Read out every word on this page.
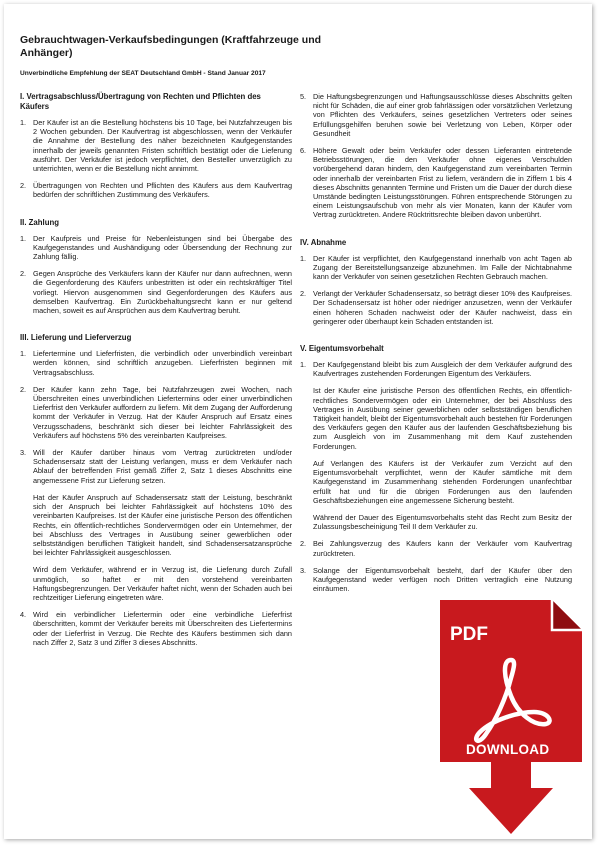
Gebrauchtwagen-Verkaufsbedingungen (Kraftfahrzeuge und Anhänger)
Unverbindliche Empfehlung der SEAT Deutschland GmbH - Stand Januar 2017
I. Vertragsabschluss/Übertragung von Rechten und Pflichten des Käufers
1. Der Käufer ist an die Bestellung höchstens bis 10 Tage, bei Nutzfahrzeugen bis 2 Wochen gebunden. Der Kaufvertrag ist abgeschlossen, wenn der Verkäufer die Annahme der Bestellung des näher bezeichneten Kaufgegenstandes innerhalb der jeweils genannten Fristen schriftlich bestätigt oder die Lieferung ausführt. Der Verkäufer ist jedoch verpflichtet, den Besteller unverzüglich zu unterrichten, wenn er die Bestellung nicht annimmt.
2. Übertragungen von Rechten und Pflichten des Käufers aus dem Kaufvertrag bedürfen der schriftlichen Zustimmung des Verkäufers.
II. Zahlung
1. Der Kaufpreis und Preise für Nebenleistungen sind bei Übergabe des Kaufgegenstandes und Aushändigung oder Übersendung der Rechnung zur Zahlung fällig.
2. Gegen Ansprüche des Verkäufers kann der Käufer nur dann aufrechnen, wenn die Gegenforderung des Käufers unbestritten ist oder ein rechtskräftiger Titel vorliegt. Hiervon ausgenommen sind Gegenforderungen des Käufers aus demselben Kaufvertrag. Ein Zurückbehaltungsrecht kann er nur geltend machen, soweit es auf Ansprüchen aus dem Kaufvertrag beruht.
III. Lieferung und Lieferverzug
1. Liefertermine und Lieferfristen, die verbindlich oder unverbindlich vereinbart werden können, sind schriftlich anzugeben. Lieferfristen beginnen mit Vertragsabschluss.
2. Der Käufer kann zehn Tage, bei Nutzfahrzeugen zwei Wochen, nach Überschreiten eines unverbindlichen Liefertermins oder einer unverbindlichen Lieferfrist den Verkäufer auffordern zu liefern. Mit dem Zugang der Aufforderung kommt der Verkäufer in Verzug. Hat der Käufer Anspruch auf Ersatz eines Verzugsschadens, beschränkt sich dieser bei leichter Fahrlässigkeit des Verkäufers auf höchstens 5% des vereinbarten Kaufpreises.
3. Will der Käufer darüber hinaus vom Vertrag zurücktreten und/oder Schadensersatz statt der Leistung verlangen, muss er dem Verkäufer nach Ablauf der betreffenden Frist gemäß Ziffer 2, Satz 1 dieses Abschnitts eine angemessene Frist zur Lieferung setzen.
Hat der Käufer Anspruch auf Schadensersatz statt der Leistung, beschränkt sich der Anspruch bei leichter Fahrlässigkeit auf höchstens 10% des vereinbarten Kaufpreises. Ist der Käufer eine juristische Person des öffentlichen Rechts, ein öffentlich-rechtliches Sondervermögen oder ein Unternehmer, der bei Abschluss des Vertrages in Ausübung seiner gewerblichen oder selbstständigen beruflichen Tätigkeit handelt, sind Schadensersatzansprüche bei leichter Fahrlässigkeit ausgeschlossen.
Wird dem Verkäufer, während er in Verzug ist, die Lieferung durch Zufall unmöglich, so haftet er mit den vorstehend vereinbarten Haftungsbegrenzungen. Der Verkäufer haftet nicht, wenn der Schaden auch bei rechtzeitiger Lieferung eingetreten wäre.
4. Wird ein verbindlicher Liefertermin oder eine verbindliche Lieferfrist überschritten, kommt der Verkäufer bereits mit Überschreiten des Liefertermins oder der Lieferfrist in Verzug. Die Rechte des Käufers bestimmen sich dann nach Ziffer 2, Satz 3 und Ziffer 3 dieses Abschnitts.
5. Die Haftungsbegrenzungen und Haftungsausschlüsse dieses Abschnitts gelten nicht für Schäden, die auf einer grob fahrlässigen oder vorsätzlichen Verletzung von Pflichten des Verkäufers, seines gesetzlichen Vertreters oder seines Erfüllungsgehilfen beruhen sowie bei Verletzung von Leben, Körper oder Gesundheit
6. Höhere Gewalt oder beim Verkäufer oder dessen Lieferanten eintretende Betriebsstörungen, die den Verkäufer ohne eigenes Verschulden vorübergehend daran hindern, den Kaufgegenstand zum vereinbarten Termin oder innerhalb der vereinbarten Frist zu liefern, verändern die in Ziffern 1 bis 4 dieses Abschnitts genannten Termine und Fristen um die Dauer der durch diese Umstände bedingten Leistungsstörungen. Führen entsprechende Störungen zu einem Leistungsaufschub von mehr als vier Monaten, kann der Käufer vom Vertrag zurücktreten. Andere Rücktrittsrechte bleiben davon unberührt.
IV. Abnahme
1. Der Käufer ist verpflichtet, den Kaufgegenstand innerhalb von acht Tagen ab Zugang der Bereitstellungsanzeige abzunehmen. Im Falle der Nichtabnahme kann der Verkäufer von seinen gesetzlichen Rechten Gebrauch machen.
2. Verlangt der Verkäufer Schadensersatz, so beträgt dieser 10% des Kaufpreises. Der Schadensersatz ist höher oder niedriger anzusetzen, wenn der Verkäufer einen höheren Schaden nachweist oder der Käufer nachweist, dass ein geringerer oder überhaupt kein Schaden entstanden ist.
V. Eigentumsvorbehalt
1. Der Kaufgegenstand bleibt bis zum Ausgleich der dem Verkäufer aufgrund des Kaufvertrages zustehenden Forderungen Eigentum des Verkäufers.
Ist der Käufer eine juristische Person des öffentlichen Rechts, ein öffentlich-rechtliches Sondervermögen oder ein Unternehmer, der bei Abschluss des Vertrages in Ausübung seiner gewerblichen oder selbstständigen beruflichen Tätigkeit handelt, bleibt der Eigentumsvorbehalt auch bestehen für Forderungen des Verkäufers gegen den Käufer aus der laufenden Geschäftsbeziehung bis zum Ausgleich von im Zusammenhang mit dem Kauf zustehenden Forderungen.
Auf Verlangen des Käufers ist der Verkäufer zum Verzicht auf den Eigentumsvorbehalt verpflichtet, wenn der Käufer sämtliche mit dem Kaufgegenstand im Zusammenhang stehenden Forderungen unanfechtbar erfüllt hat und für die übrigen Forderungen aus den laufenden Geschäftsbeziehungen eine angemessene Sicherung besteht.
Während der Dauer des Eigentumsvorbehalts steht das Recht zum Besitz der Zulassungsbescheinigung Teil II dem Verkäufer zu.
2. Bei Zahlungsverzug des Käufers kann der Verkäufer vom Kaufvertrag zurücktreten.
3. Solange der Eigentumsvorbehalt besteht, darf der Käufer über den Kaufgegenstand weder verfügen noch Dritten vertraglich eine Nutzung einräumen.
PDF
DOWNLOAD
